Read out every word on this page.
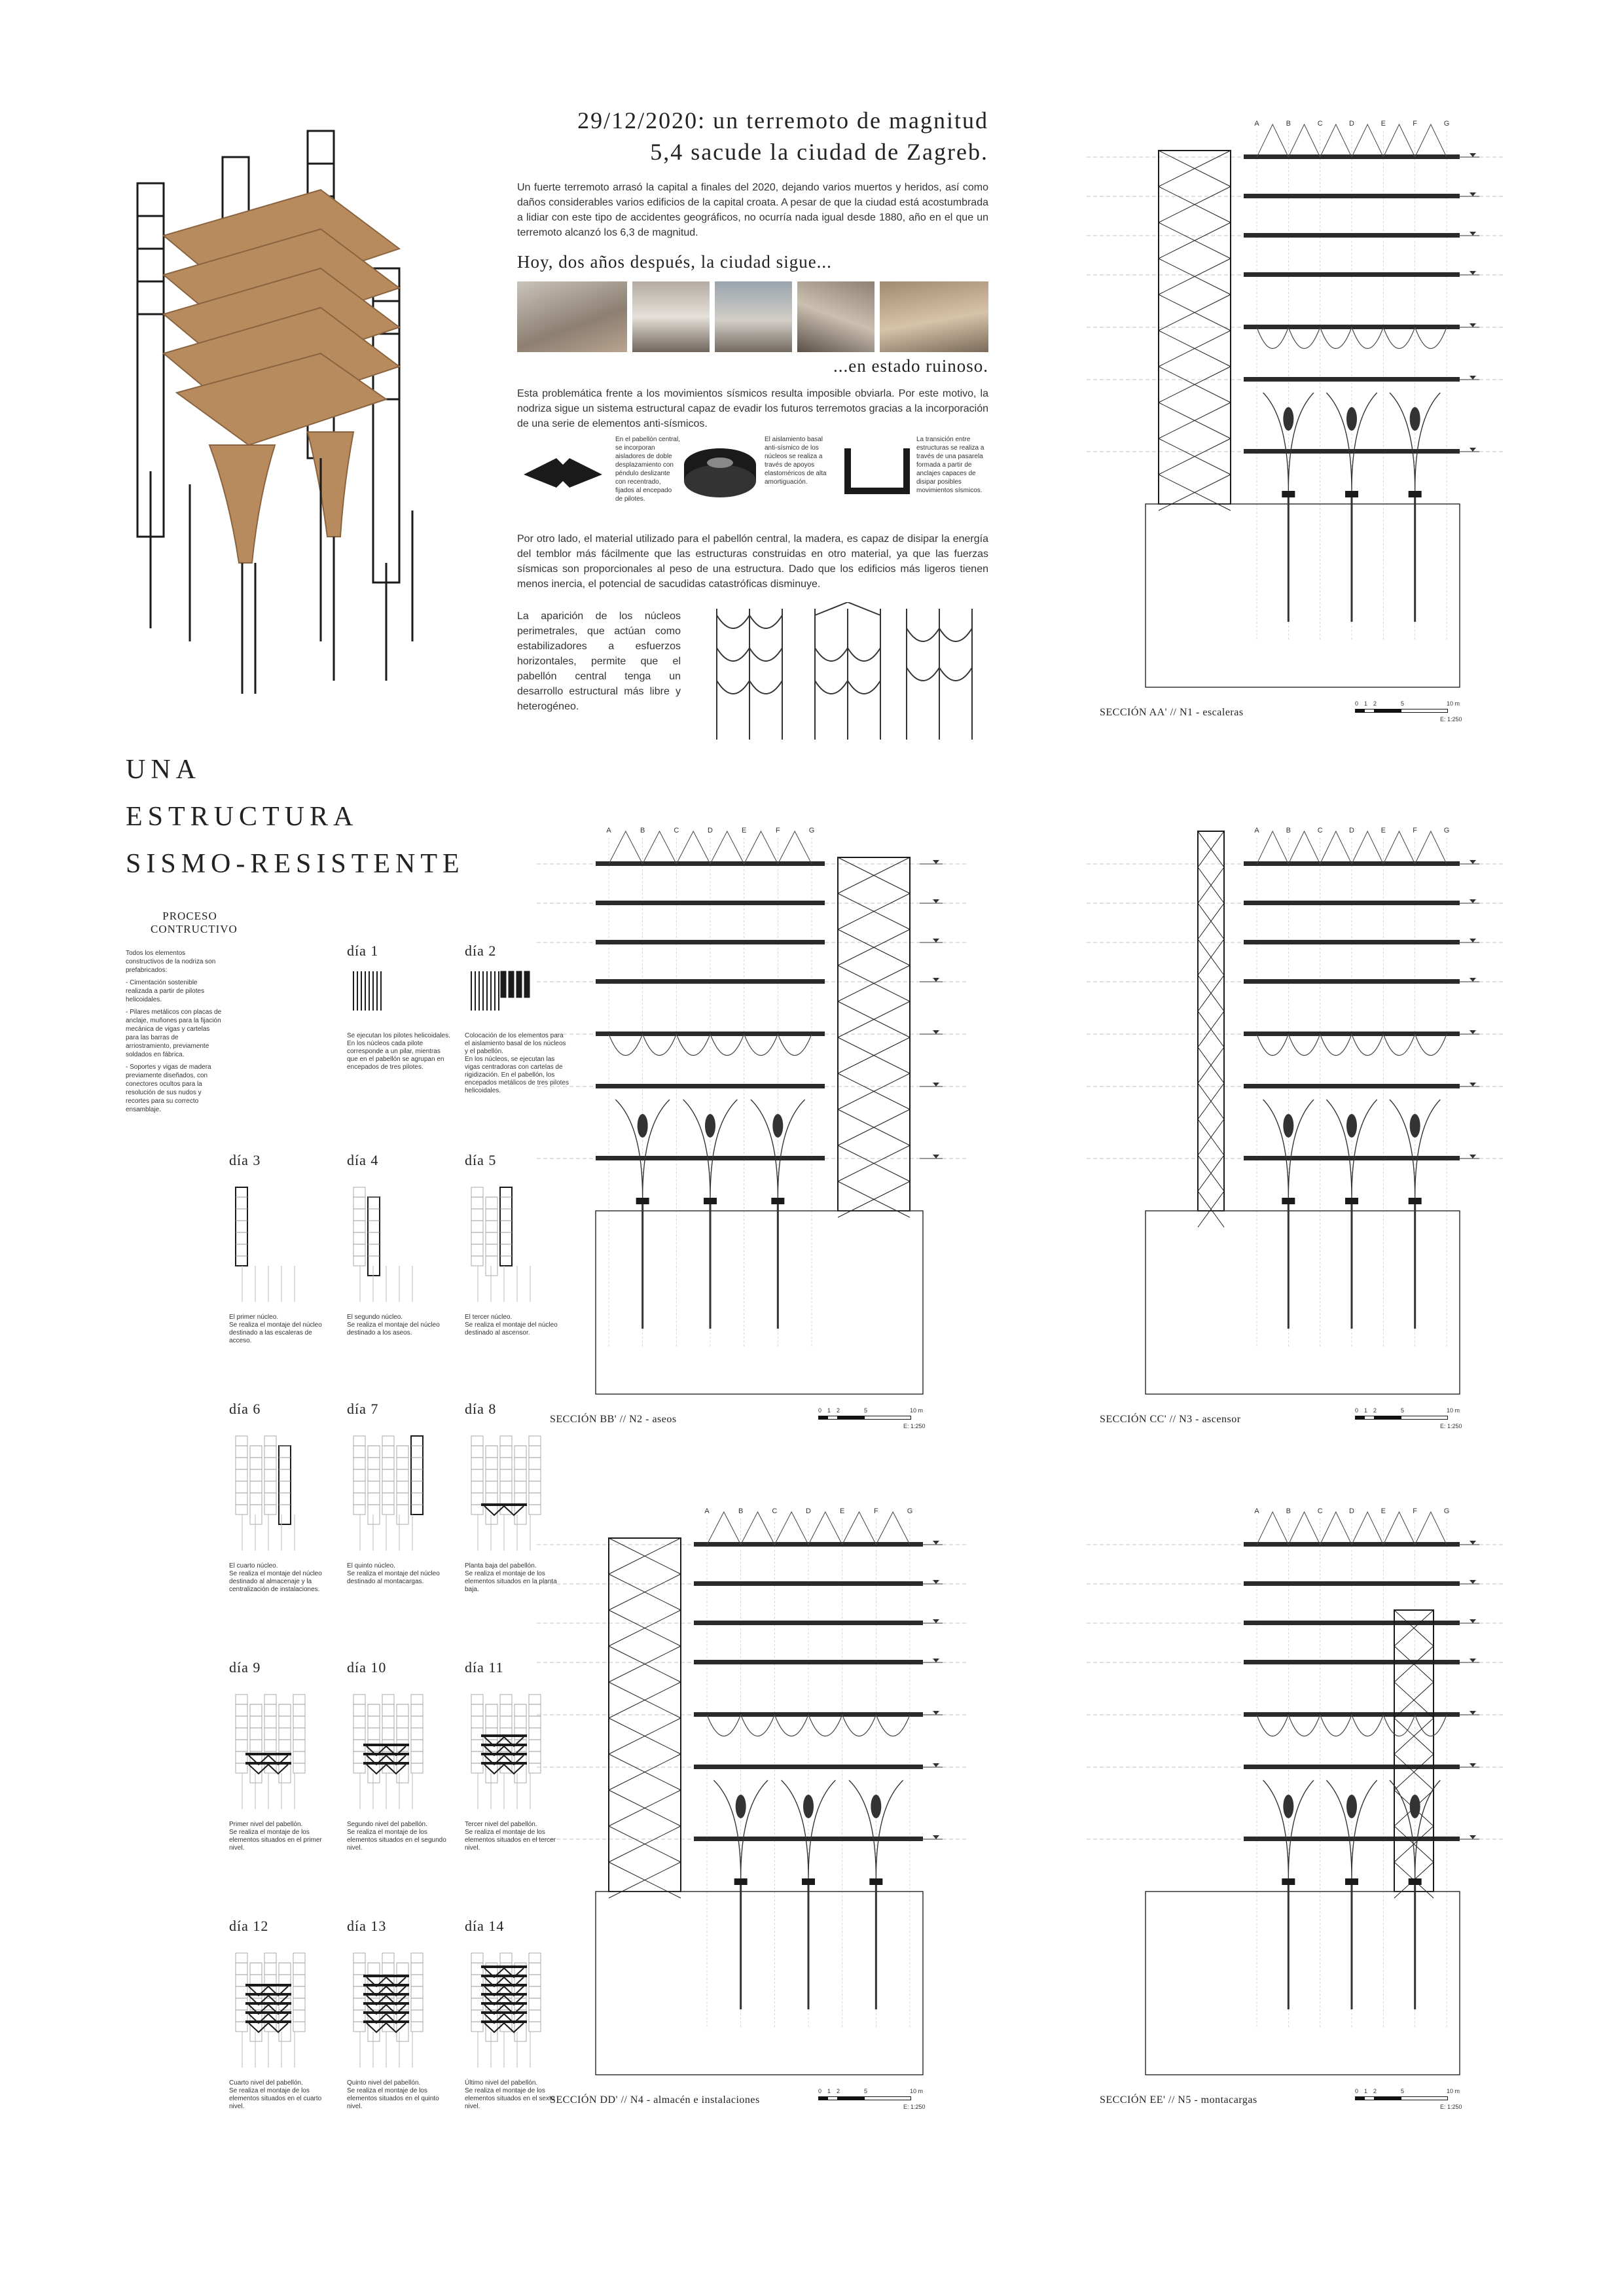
UNA
ESTRUCTURA
SISMO-RESISTENTE
29/12/2020: un terremoto de magnitud
5,4 sacude la ciudad de Zagreb.
Un fuerte terremoto arrasó la capital a finales del 2020, dejando varios muertos y heridos, así como daños considerables varios edificios de la capital croata. A pesar de que la ciudad está acostumbrada a lidiar con este tipo de accidentes geográficos, no ocurría nada igual desde 1880, año en el que un terremoto alcanzó los 6,3 de magnitud.
Hoy, dos años después, la ciudad sigue...
...en estado ruinoso.
Esta problemática frente a los movimientos sísmicos resulta imposible obviarla. Por este motivo, la nodriza sigue un sistema estructural capaz de evadir los futuros terremotos gracias a la incorporación de una serie de elementos anti-sísmicos.
En el pabellón central, se incorporan aisladores de doble desplazamiento con péndulo deslizante con recentrado, fijados al encepado de pilotes.
El aislamiento basal anti-sísmico de los núcleos se realiza a través de apoyos elastoméricos de alta amortiguación.
La transición entre estructuras se realiza a través de una pasarela formada a partir de anclajes capaces de disipar posibles movimientos sísmicos.
Por otro lado, el material utilizado para el pabellón central, la madera, es capaz de disipar la energía del temblor más fácilmente que las estructuras construidas en otro material, ya que las fuerzas sísmicas son proporcionales al peso de una estructura. Dado que los edificios más ligeros tienen menos inercia, el potencial de sacudidas catastróficas disminuye.
La aparición de los núcleos perimetrales, que actúan como estabilizadores a esfuerzos horizontales, permite que el pabellón central tenga un desarrollo estructural más libre y heterogéneo.
A	B	C	D	E	F	G
SECCIÓN AA' // N1 - escaleras
0 1 2	5	10 m
E: 1:250
A	B	C	D	E	F	G
SECCIÓN BB' // N2 - aseos
0 1 2	5	10 m
E: 1:250
A	B	C	D	E	F	G
SECCIÓN CC' // N3 - ascensor
0 1 2	5	10 m
E: 1:250
A	B	C	D	E	F	G
SECCIÓN DD' // N4 - almacén e instalaciones
0 1 2	5	10 m
E: 1:250
A	B	C	D	E	F	G
SECCIÓN EE' // N5 - montacargas
0 1 2	5	10 m
E: 1:250
PROCESO
CONTRUCTIVO
Todos los elementos constructivos de la nodriza son prefabricados:
- Cimentación sostenible realizada a partir de pilotes helicoidales.
- Pilares metálicos con placas de anclaje, muñones para la fijación mecánica de vigas y cartelas para las barras de arriostramiento, previamente soldados en fábrica.
- Soportes y vigas de madera previamente diseñados, con conectores ocultos para la resolución de sus nudos y recortes para su correcto ensamblaje.
día 1
Se ejecutan los pilotes helicoidales.
En los núcleos cada pilote corresponde a un pilar, mientras que en el pabellón se agrupan en encepados de tres pilotes.
día 2
Colocación de los elementos para el aislamiento basal de los núcleos y el pabellón.
En los núcleos, se ejecutan las vigas centradoras con cartelas de rigidización. En el pabellón, los encepados metálicos de tres pilotes helicoidales.
día 3
El primer núcleo.
Se realiza el montaje del núcleo destinado a las escaleras de acceso.
día 4
El segundo núcleo.
Se realiza el montaje del núcleo destinado a los aseos.
día 5
El tercer núcleo.
Se realiza el montaje del núcleo destinado al ascensor.
día 6
El cuarto núcleo.
Se realiza el montaje del núcleo destinado al almacenaje y la centralización de instalaciones.
día 7
El quinto núcleo.
Se realiza el montaje del núcleo destinado al montacargas.
día 8
Planta baja del pabellón.
Se realiza el montaje de los elementos situados en la planta baja.
día 9
Primer nivel del pabellón.
Se realiza el montaje de los elementos situados en el primer nivel.
día 10
Segundo nivel del pabellón.
Se realiza el montaje de los elementos situados en el segundo nivel.
día 11
Tercer nivel del pabellón.
Se realiza el montaje de los elementos situados en el tercer nivel.
día 12
Cuarto nivel del pabellón.
Se realiza el montaje de los elementos situados en el cuarto nivel.
día 13
Quinto nivel del pabellón.
Se realiza el montaje de los elementos situados en el quinto nivel.
día 14
Último nivel del pabellón.
Se realiza el montaje de los elementos situados en el sexto nivel.
